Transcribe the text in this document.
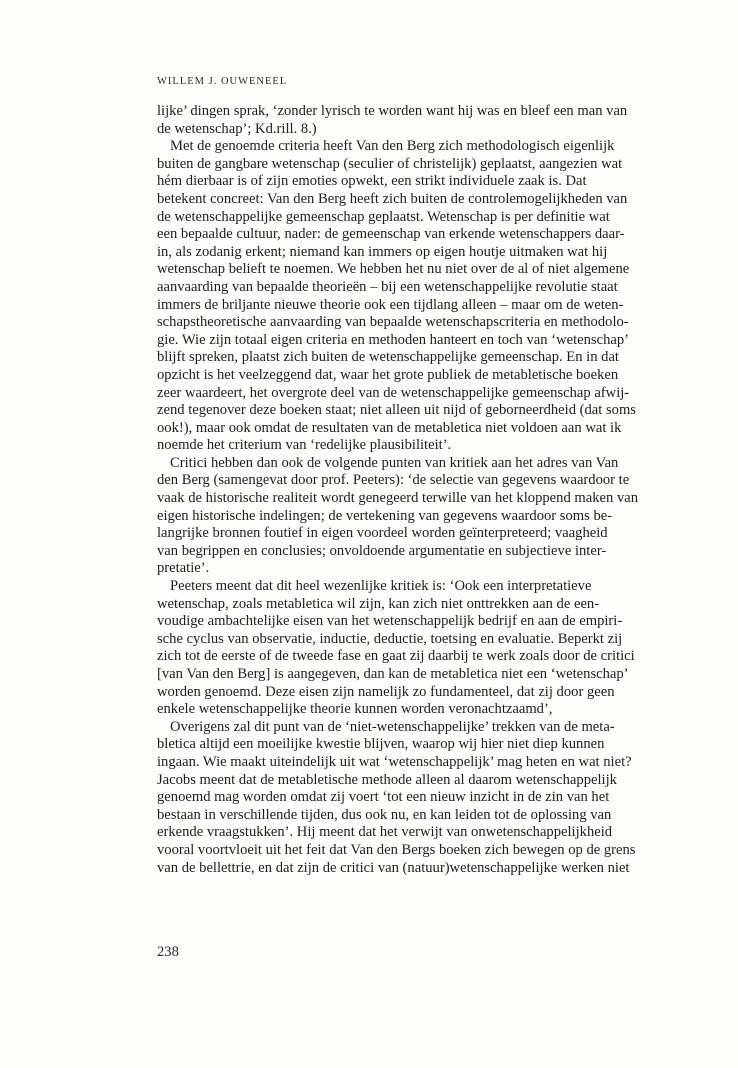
WILLEM J. OUWENEEL
lijke’ dingen sprak, ‘zonder lyrisch te worden want hij was en bleef een man van
de wetenschap’; Kd.rill. 8.)
Met de genoemde criteria heeft Van den Berg zich methodologisch eigenlijk
buiten de gangbare wetenschap (seculier of christelijk) geplaatst, aangezien wat
hém dierbaar is of zijn emoties opwekt, een strikt individuele zaak is. Dat
betekent concreet: Van den Berg heeft zich buiten de controlemogelijkheden van
de wetenschappelijke gemeenschap geplaatst. Wetenschap is per definitie wat
een bepaalde cultuur, nader: de gemeenschap van erkende wetenschappers daar-
in, als zodanig erkent; niemand kan immers op eigen houtje uitmaken wat hij
wetenschap belieft te noemen. We hebben het nu niet over de al of niet algemene
aanvaarding van bepaalde theorieën – bij een wetenschappelijke revolutie staat
immers de briljante nieuwe theorie ook een tijdlang alleen – maar om de weten-
schapstheoretische aanvaarding van bepaalde wetenschapscriteria en methodolo-
gie. Wie zijn totaal eigen criteria en methoden hanteert en toch van ‘wetenschap’
blijft spreken, plaatst zich buiten de wetenschappelijke gemeenschap. En in dat
opzicht is het veelzeggend dat, waar het grote publiek de metabletische boeken
zeer waardeert, het overgrote deel van de wetenschappelijke gemeenschap afwij-
zend tegenover deze boeken staat; niet alleen uit nijd of geborneerdheid (dat soms
ook!), maar ook omdat de resultaten van de metabletica niet voldoen aan wat ik
noemde het criterium van ‘redelijke plausibiliteit’.
Critici hebben dan ook de volgende punten van kritiek aan het adres van Van
den Berg (samengevat door prof. Peeters): ‘de selectie van gegevens waardoor te
vaak de historische realiteit wordt genegeerd terwille van het kloppend maken van
eigen historische indelingen; de vertekening van gegevens waardoor soms be-
langrijke bronnen foutief in eigen voordeel worden geïnterpreteerd; vaagheid
van begrippen en conclusies; onvoldoende argumentatie en subjectieve inter-
pretatie’.
Peeters meent dat dit heel wezenlijke kritiek is: ‘Ook een interpretatieve
wetenschap, zoals metabletica wil zijn, kan zich niet onttrekken aan de een-
voudige ambachtelijke eisen van het wetenschappelijk bedrijf en aan de empiri-
sche cyclus van observatie, inductie, deductie, toetsing en evaluatie. Beperkt zij
zich tot de eerste of de tweede fase en gaat zij daarbij te werk zoals door de critici
[van Van den Berg] is aangegeven, dan kan de metabletica niet een ‘wetenschap’
worden genoemd. Deze eisen zijn namelijk zo fundamenteel, dat zij door geen
enkele wetenschappelijke theorie kunnen worden veronachtzaamd’,
Overigens zal dit punt van de ‘niet-wetenschappelijke’ trekken van de meta-
bletica altijd een moeilijke kwestie blijven, waarop wij hier niet diep kunnen
ingaan. Wie maakt uiteindelijk uit wat ‘wetenschappelijk’ mag heten en wat niet?
Jacobs meent dat de metabletische methode alleen al daarom wetenschappelijk
genoemd mag worden omdat zij voert ‘tot een nieuw inzicht in de zin van het
bestaan in verschillende tijden, dus ook nu, en kan leiden tot de oplossing van
erkende vraagstukken’. Hij meent dat het verwijt van onwetenschappelijkheid
vooral voortvloeit uit het feit dat Van den Bergs boeken zich bewegen op de grens
van de bellettrie, en dat zijn de critici van (natuur)wetenschappelijke werken niet
238
